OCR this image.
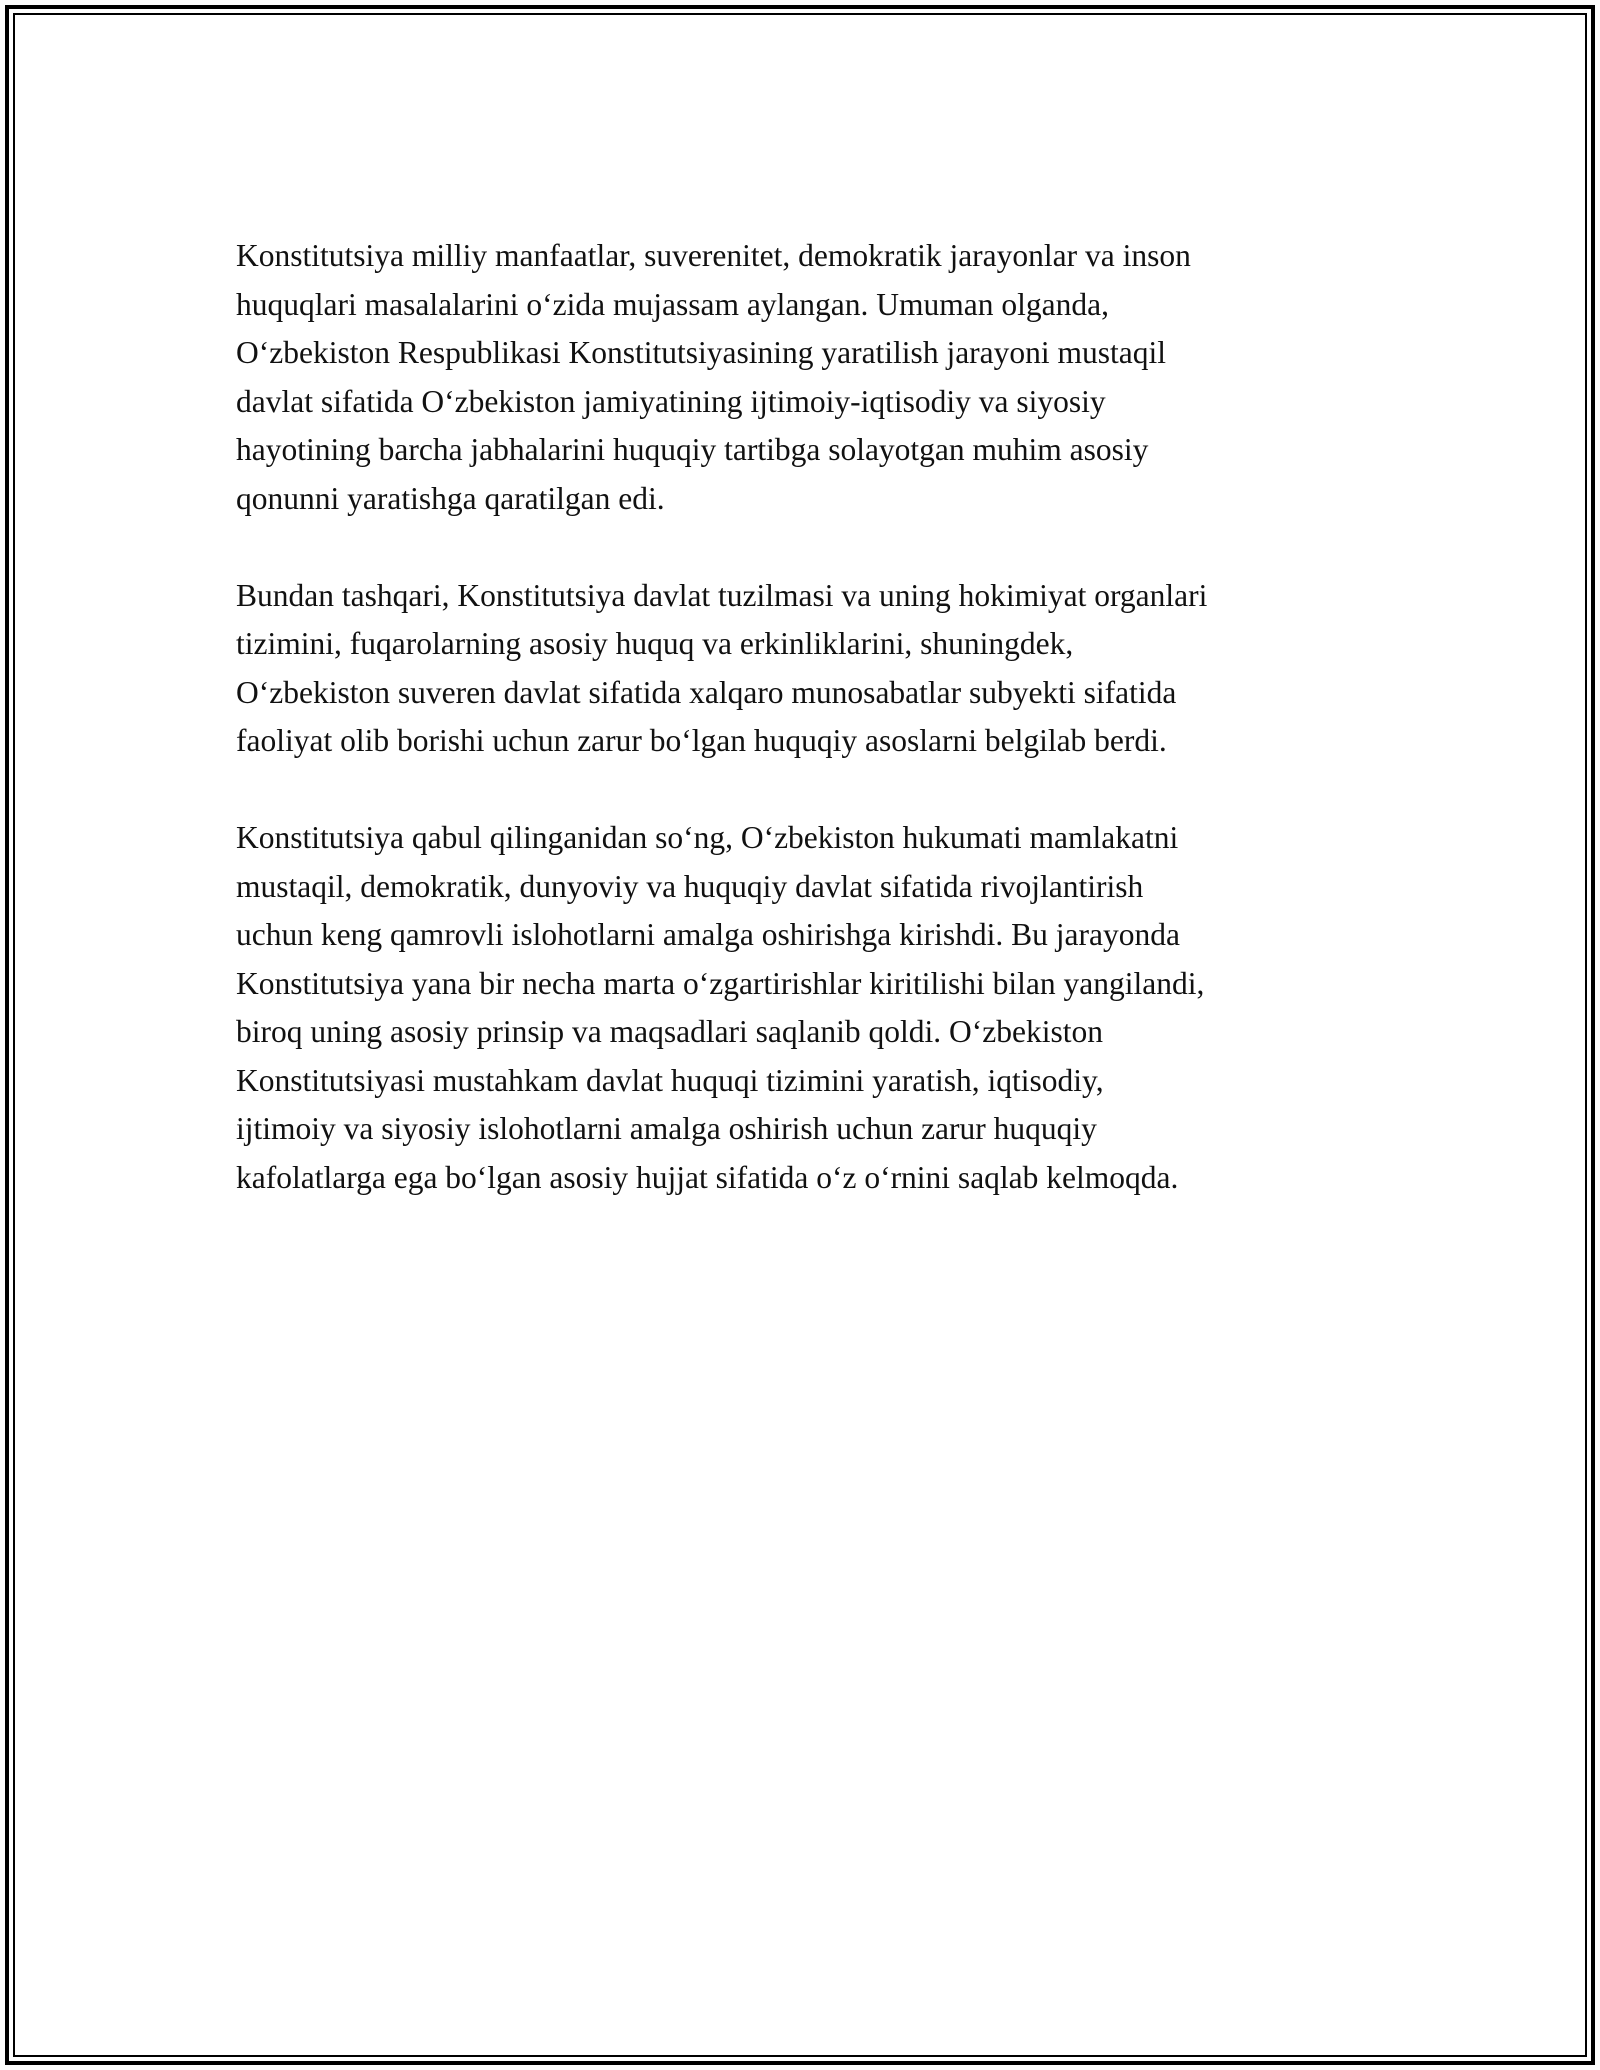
Konstitutsiya milliy manfaatlar, suverenitet, demokratik jarayonlar va inson
huquqlari masalalarini o‘zida mujassam aylangan. Umuman olganda,
O‘zbekiston Respublikasi Konstitutsiyasining yaratilish jarayoni mustaqil
davlat sifatida O‘zbekiston jamiyatining ijtimoiy-iqtisodiy va siyosiy
hayotining barcha jabhalarini huquqiy tartibga solayotgan muhim asosiy
qonunni yaratishga qaratilgan edi.

Bundan tashqari, Konstitutsiya davlat tuzilmasi va uning hokimiyat organlari
tizimini, fuqarolarning asosiy huquq va erkinliklarini, shuningdek,
O‘zbekiston suveren davlat sifatida xalqaro munosabatlar subyekti sifatida
faoliyat olib borishi uchun zarur bo‘lgan huquqiy asoslarni belgilab berdi.

Konstitutsiya qabul qilinganidan so‘ng, O‘zbekiston hukumati mamlakatni
mustaqil, demokratik, dunyoviy va huquqiy davlat sifatida rivojlantirish
uchun keng qamrovli islohotlarni amalga oshirishga kirishdi. Bu jarayonda
Konstitutsiya yana bir necha marta o‘zgartirishlar kiritilishi bilan yangilandi,
biroq uning asosiy prinsip va maqsadlari saqlanib qoldi. O‘zbekiston
Konstitutsiyasi mustahkam davlat huquqi tizimini yaratish, iqtisodiy,
ijtimoiy va siyosiy islohotlarni amalga oshirish uchun zarur huquqiy
kafolatlarga ega bo‘lgan asosiy hujjat sifatida o‘z o‘rnini saqlab kelmoqda.
